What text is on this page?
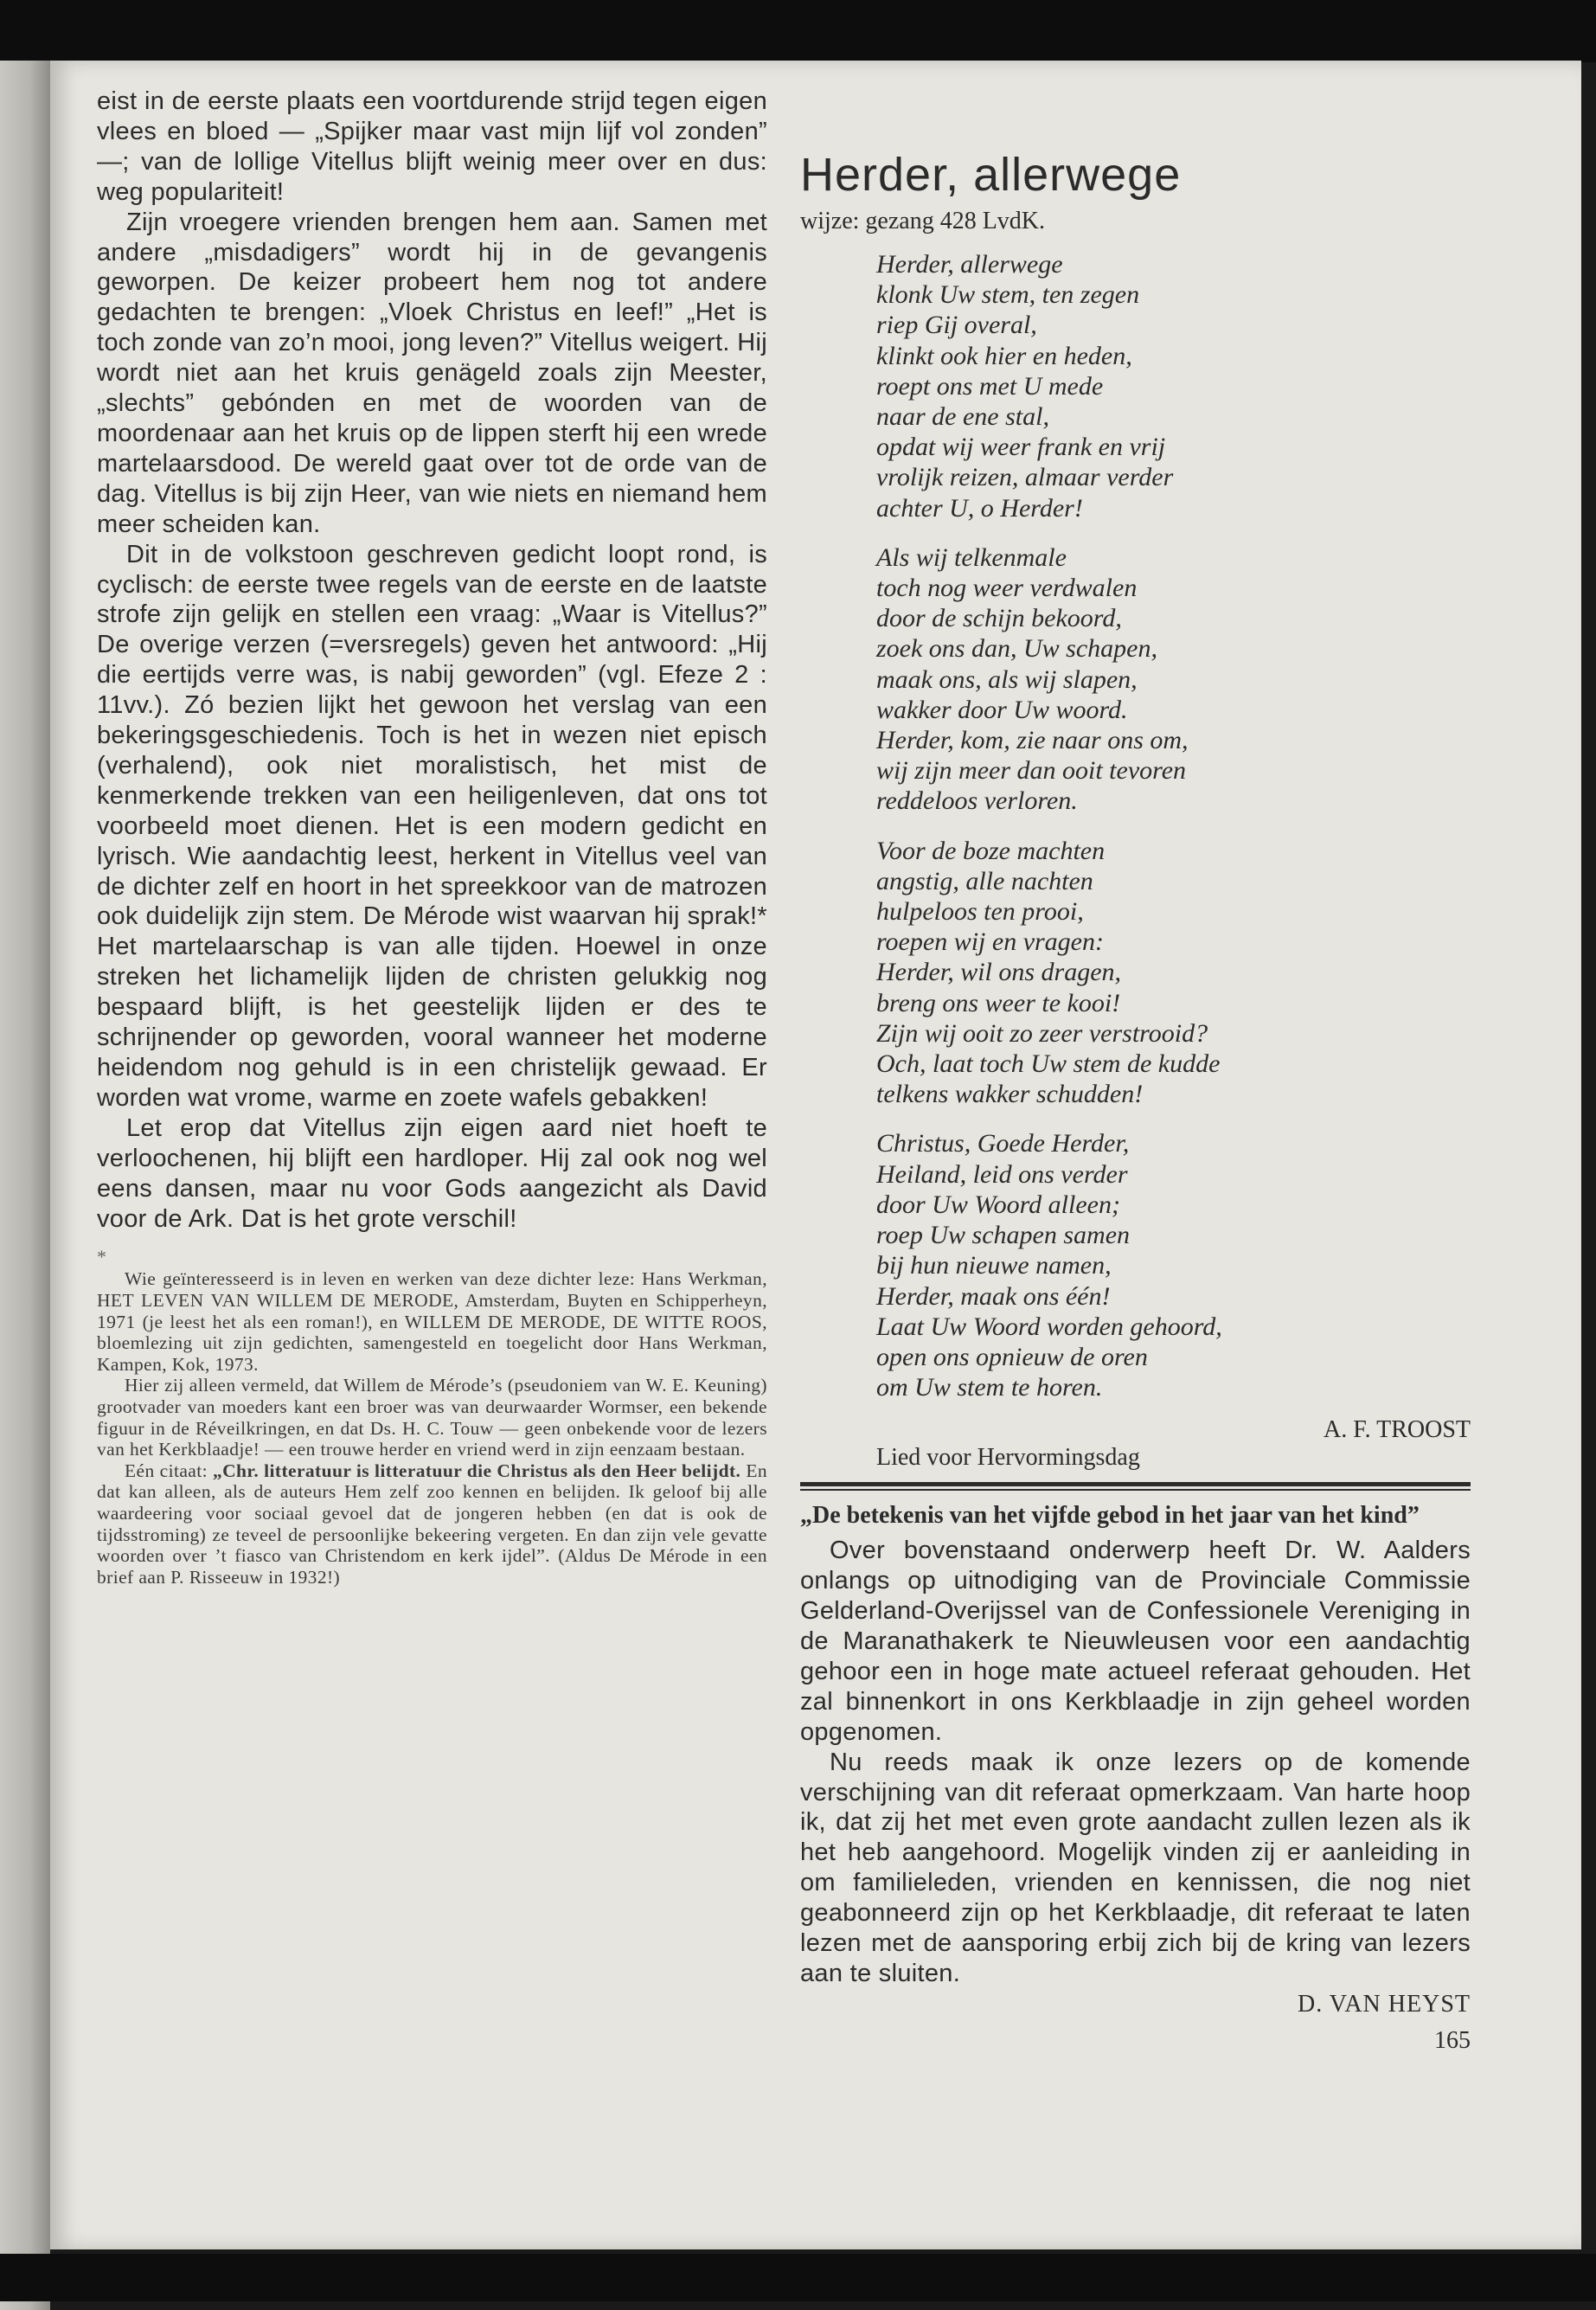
eist in de eerste plaats een voortdurende strijd tegen eigen vlees en bloed — „Spijker maar vast mijn lijf vol zonden” —; van de lollige Vitellus blijft weinig meer over en dus: weg populariteit!

Zijn vroegere vrienden brengen hem aan. Samen met andere „misdadigers” wordt hij in de gevangenis geworpen. De keizer probeert hem nog tot andere gedachten te brengen: „Vloek Christus en leef!” „Het is toch zonde van zo’n mooi, jong leven?” Vitellus weigert. Hij wordt niet aan het kruis genägeld zoals zijn Meester, „slechts” gebónden en met de woorden van de moordenaar aan het kruis op de lippen sterft hij een wrede martelaarsdood. De wereld gaat over tot de orde van de dag. Vitellus is bij zijn Heer, van wie niets en niemand hem meer scheiden kan.

Dit in de volkstoon geschreven gedicht loopt rond, is cyclisch: de eerste twee regels van de eerste en de laatste strofe zijn gelijk en stellen een vraag: „Waar is Vitellus?” De overige verzen (=versregels) geven het antwoord: „Hij die eertijds verre was, is nabij geworden” (vgl. Efeze 2 : 11vv.). Zó bezien lijkt het gewoon het verslag van een bekeringsgeschiedenis. Toch is het in wezen niet episch (verhalend), ook niet moralistisch, het mist de kenmerkende trekken van een heiligenleven, dat ons tot voorbeeld moet dienen. Het is een modern gedicht en lyrisch. Wie aandachtig leest, herkent in Vitellus veel van de dichter zelf en hoort in het spreekkoor van de matrozen ook duidelijk zijn stem. De Mérode wist waarvan hij sprak!* Het martelaarschap is van alle tijden. Hoewel in onze streken het lichamelijk lijden de christen gelukkig nog bespaard blijft, is het geestelijk lijden er des te schrijnender op geworden, vooral wanneer het moderne heidendom nog gehuld is in een christelijk gewaad. Er worden wat vrome, warme en zoete wafels gebakken!

Let erop dat Vitellus zijn eigen aard niet hoeft te verloochenen, hij blijft een hardloper. Hij zal ook nog wel eens dansen, maar nu voor Gods aangezicht als David voor de Ark. Dat is het grote verschil!

*

Wie geïnteresseerd is in leven en werken van deze dichter leze: Hans Werkman, HET LEVEN VAN WILLEM DE MERODE, Amsterdam, Buyten en Schipperheyn, 1971 (je leest het als een roman!), en WILLEM DE MERODE, DE WITTE ROOS, bloemlezing uit zijn gedichten, samengesteld en toegelicht door Hans Werkman, Kampen, Kok, 1973.

Hier zij alleen vermeld, dat Willem de Mérode’s (pseudoniem van W. E. Keuning) grootvader van moeders kant een broer was van deurwaarder Wormser, een bekende figuur in de Réveilkringen, en dat Ds. H. C. Touw — geen onbekende voor de lezers van het Kerkblaadje! — een trouwe herder en vriend werd in zijn eenzaam bestaan.

Eén citaat: „Chr. litteratuur is litteratuur die Christus als den Heer belijdt. En dat kan alleen, als de auteurs Hem zelf zoo kennen en belijden. Ik geloof bij alle waardeering voor sociaal gevoel dat de jongeren hebben (en dat is ook de tijdsstroming) ze teveel de persoonlijke bekeering vergeten. En dan zijn vele gevatte woorden over ’t fiasco van Christendom en kerk ijdel”. (Aldus De Mérode in een brief aan P. Risseeuw in 1932!)

Herder, allerwege
wijze: gezang 428 LvdK.
Herder, allerwege
klonk Uw stem, ten zegen
riep Gij overal,
klinkt ook hier en heden,
roept ons met U mede
naar de ene stal,
opdat wij weer frank en vrij
vrolijk reizen, almaar verder
achter U, o Herder!
Als wij telkenmale
toch nog weer verdwalen
door de schijn bekoord,
zoek ons dan, Uw schapen,
maak ons, als wij slapen,
wakker door Uw woord.
Herder, kom, zie naar ons om,
wij zijn meer dan ooit tevoren
reddeloos verloren.
Voor de boze machten
angstig, alle nachten
hulpeloos ten prooi,
roepen wij en vragen:
Herder, wil ons dragen,
breng ons weer te kooi!
Zijn wij ooit zo zeer verstrooid?
Och, laat toch Uw stem de kudde
telkens wakker schudden!
Christus, Goede Herder,
Heiland, leid ons verder
door Uw Woord alleen;
roep Uw schapen samen
bij hun nieuwe namen,
Herder, maak ons één!
Laat Uw Woord worden gehoord,
open ons opnieuw de oren
om Uw stem te horen.
A. F. TROOST
Lied voor Hervormingsdag
„De betekenis van het vijfde gebod in het jaar van het kind”

Over bovenstaand onderwerp heeft Dr. W. Aalders onlangs op uitnodiging van de Provinciale Commissie Gelderland-Overijssel van de Confessionele Vereniging in de Maranathakerk te Nieuwleusen voor een aandachtig gehoor een in hoge mate actueel referaat gehouden. Het zal binnenkort in ons Kerkblaadje in zijn geheel worden opgenomen.

Nu reeds maak ik onze lezers op de komende verschijning van dit referaat opmerkzaam. Van harte hoop ik, dat zij het met even grote aandacht zullen lezen als ik het heb aangehoord. Mogelijk vinden zij er aanleiding in om familieleden, vrienden en kennissen, die nog niet geabonneerd zijn op het Kerkblaadje, dit referaat te laten lezen met de aansporing erbij zich bij de kring van lezers aan te sluiten.

D. VAN HEYST
165
